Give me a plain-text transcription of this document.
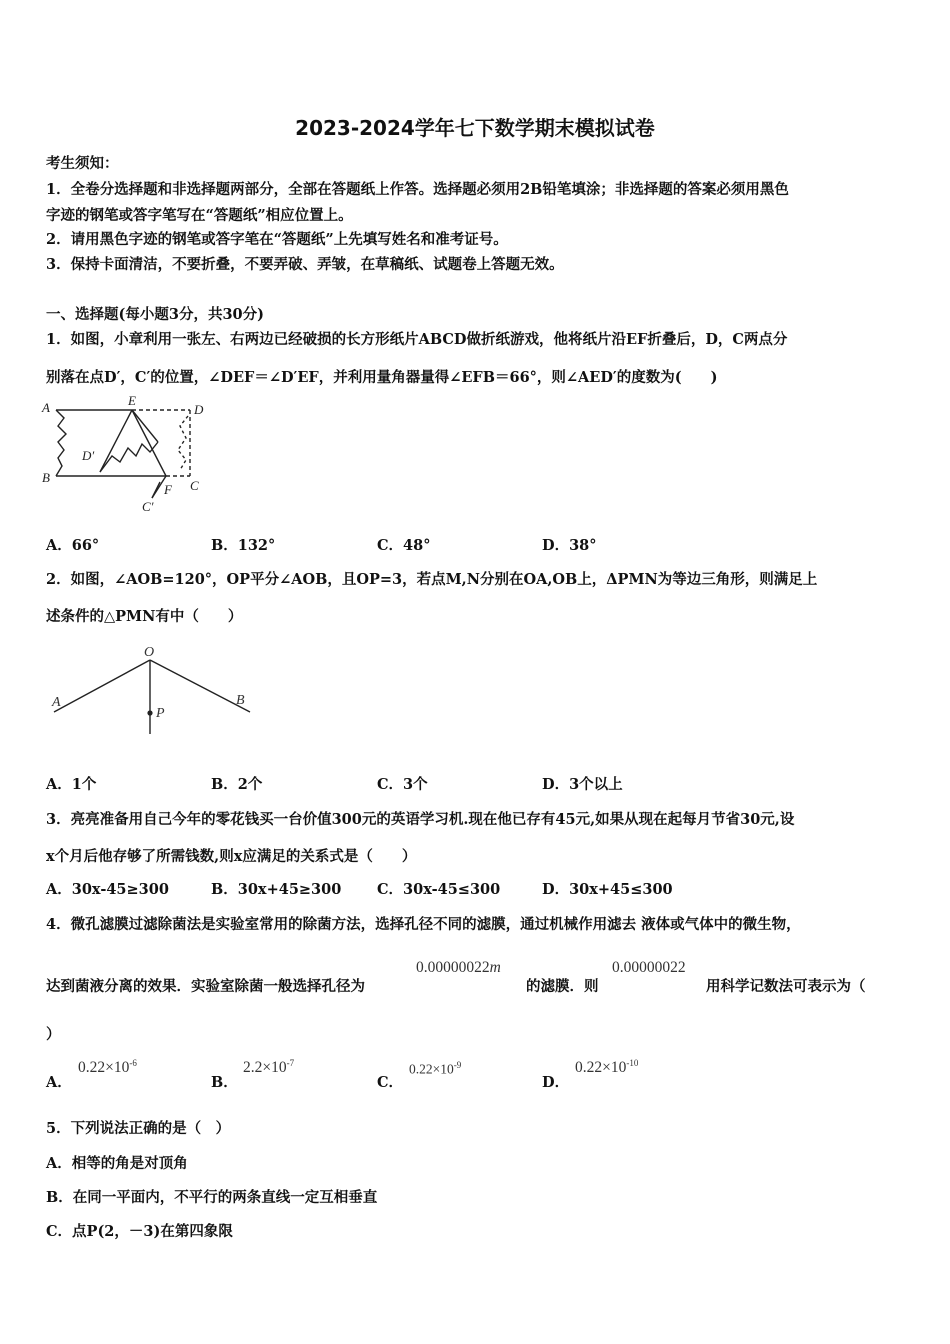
2023-2024学年七下数学期末模拟试卷
考生须知：
1．全卷分选择题和非选择题两部分，全部在答题纸上作答。选择题必须用2B铅笔填涂；非选择题的答案必须用黑色
字迹的钢笔或答字笔写在“答题纸”相应位置上。
2．请用黑色字迹的钢笔或答字笔在“答题纸”上先填写姓名和准考证号。
3．保持卡面清洁，不要折叠，不要弄破、弄皱，在草稿纸、试题卷上答题无效。
一、选择题(每小题3分，共30分)
1．如图，小章利用一张左、右两边已经破损的长方形纸片ABCD做折纸游戏，他将纸片沿EF折叠后，D，C两点分
别落在点D′，C′的位置，∠DEF＝∠D′EF，并利用量角器量得∠EFB＝66°，则∠AED′的度数为(　　)
A	E
D
D′
B
F C
C′
A．66°	B．132°	C．48°	D．38°
2．如图，∠AOB=120°，OP平分∠AOB，且OP=3，若点M,N分别在OA,OB上，ΔPMN为等边三角形，则满足上
述条件的△PMN有中（　　）
O
A	B
P
A．1个	B．2个	C．3个	D．3个以上
3．亮亮准备用自己今年的零花钱买一台价值300元的英语学习机.现在他已存有45元,如果从现在起每月节省30元,设
x个月后他存够了所需钱数,则x应满足的关系式是（　　）
A．30x-45≥300	B．30x+45≥300 C．30x-45≤300	D．30x+45≤300
4．微孔滤膜过滤除菌法是实验室常用的除菌方法，选择孔径不同的滤膜，通过机械作用滤去 液体或气体中的微生物，
达到菌液分离的效果．实验室除菌一般选择孔径为
0.00000022m
的滤膜．则
0.00000022
用科学记数法可表示为（
）
A．
$0.22\times 10^{-6}$
B．
$2.2\times 10^{-7}$
C．
$0.22\times 10^{-9}$
D．
$0.22\times 10^{-10}$
5．下列说法正确的是（　）
A．相等的角是对顶角
B．在同一平面内，不平行的两条直线一定互相垂直
C．点P(2，－3)在第四象限
